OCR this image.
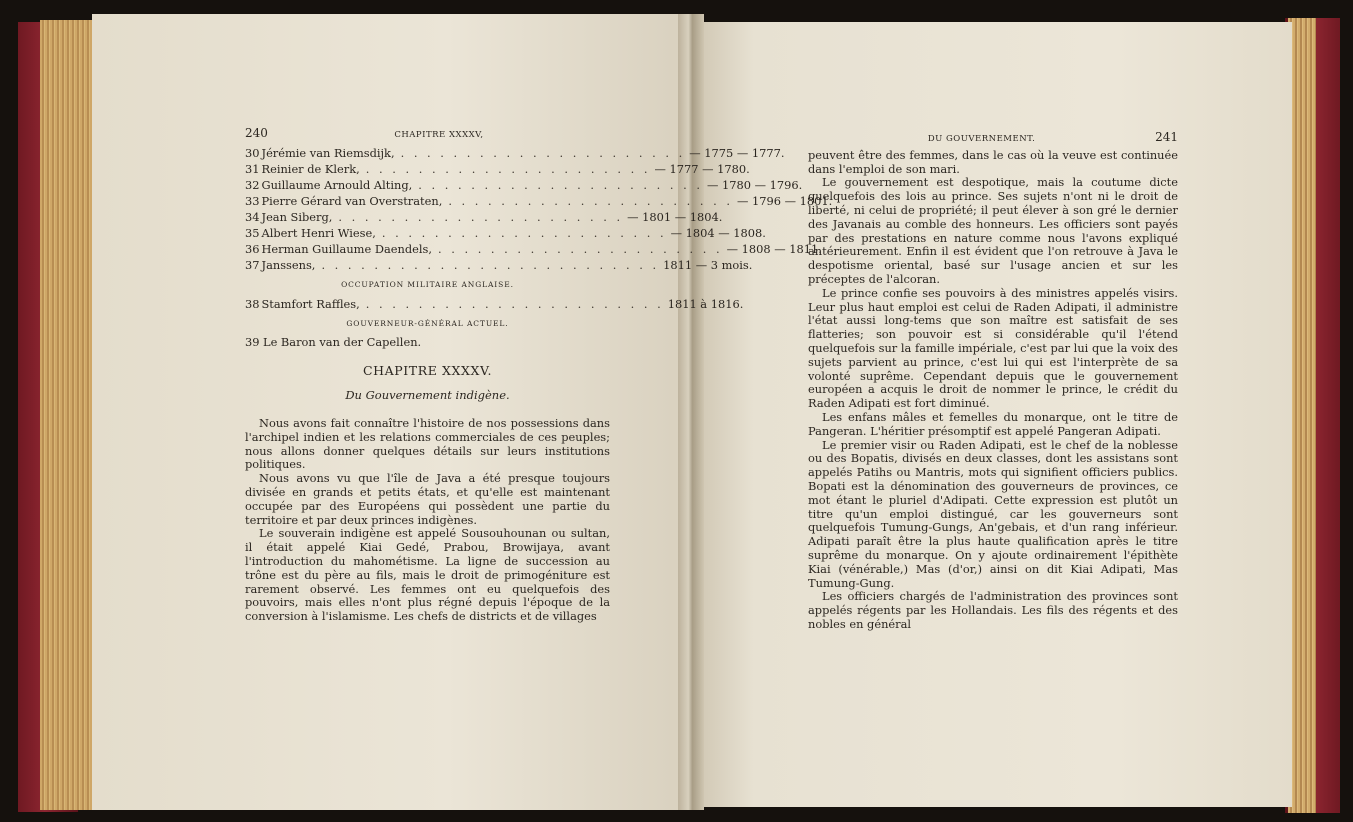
240	CHAPITRE XXXXV,
30 Jérémie van Riemsdijk, . . . . . . . . . . . . . . . . . . . . . . — 1775 — 1777.
31 Reinier de Klerk, . . . . . . . . . . . . . . . . . . . . . . — 1777 — 1780.
32 Guillaume Arnould Alting, . . . . . . . . . . . . . . . . . . . . . . — 1780 — 1796.
33 Pierre Gérard van Overstraten, . . . . . . . . . . . . . . . . . . . . . . — 1796 — 1801.
34 Jean Siberg, . . . . . . . . . . . . . . . . . . . . . . — 1801 — 1804.
35 Albert Henri Wiese, . . . . . . . . . . . . . . . . . . . . . . — 1804 — 1808.
36 Herman Guillaume Daendels, . . . . . . . . . . . . . . . . . . . . . . — 1808 — 1811.
37 Janssens, . . . . . . . . . . . . . . . . . . . . . . . . . . 1811 — 3 mois.
OCCUPATION MILITAIRE ANGLAISE.
38 Stamfort Raffles, . . . . . . . . . . . . . . . . . . . . . . . 1811 à 1816.
GOUVERNEUR-GÉNÉRAL ACTUEL.
39 Le Baron van der Capellen.
CHAPITRE XXXXV.
Du Gouvernement indigène.

Nous avons fait connaître l'histoire de nos possessions dans l'archipel indien et les relations commerciales de ces peuples; nous allons donner quelques détails sur leurs institutions politiques.

Nous avons vu que l'île de Java a été presque toujours divisée en grands et petits états, et qu'elle est maintenant occupée par des Européens qui possèdent une partie du territoire et par deux princes indigènes.

Le souverain indigène est appelé Sousouhounan ou sultan, il était appelé Kiai Gedé, Prabou, Browijaya, avant l'introduction du mahométisme. La ligne de succession au trône est du père au fils, mais le droit de primogéniture est rarement observé. Les femmes ont eu quelquefois des pouvoirs, mais elles n'ont plus régné depuis l'époque de la conversion à l'islamisme. Les chefs de districts et de villages

DU GOUVERNEMENT.	241

peuvent être des femmes, dans le cas où la veuve est continuée dans l'emploi de son mari.

Le gouvernement est despotique, mais la coutume dicte quelquefois des lois au prince. Ses sujets n'ont ni le droit de liberté, ni celui de propriété; il peut élever à son gré le dernier des Javanais au comble des honneurs. Les officiers sont payés par des prestations en nature comme nous l'avons expliqué antérieurement. Enfin il est évident que l'on retrouve à Java le despotisme oriental, basé sur l'usage ancien et sur les préceptes de l'alcoran.

Le prince confie ses pouvoirs à des ministres appelés visirs. Leur plus haut emploi est celui de Raden Adipati, il administre l'état aussi long-tems que son maître est satisfait de ses flatteries; son pouvoir est si considérable qu'il l'étend quelquefois sur la famille impériale, c'est par lui que la voix des sujets parvient au prince, c'est lui qui est l'interprète de sa volonté suprême. Cependant depuis que le gouvernement européen a acquis le droit de nommer le prince, le crédit du Raden Adipati est fort diminué.

Les enfans mâles et femelles du monarque, ont le titre de Pangeran. L'héritier présomptif est appelé Pangeran Adipati.

Le premier visir ou Raden Adipati, est le chef de la noblesse ou des Bopatis, divisés en deux classes, dont les assistans sont appelés Patihs ou Mantris, mots qui signifient officiers publics. Bopati est la dénomination des gouverneurs de provinces, ce mot étant le pluriel d'Adipati. Cette expression est plutôt un titre qu'un emploi distingué, car les gouverneurs sont quelquefois Tumung-Gungs, An'gebais, et d'un rang inférieur. Adipati paraît être la plus haute qualification après le titre suprême du monarque. On y ajoute ordinairement l'épithète Kiai (vénérable,) Mas (d'or,) ainsi on dit Kiai Adipati, Mas Tumung-Gung.

Les officiers chargés de l'administration des provinces sont appelés régents par les Hollandais. Les fils des régents et des nobles en général
